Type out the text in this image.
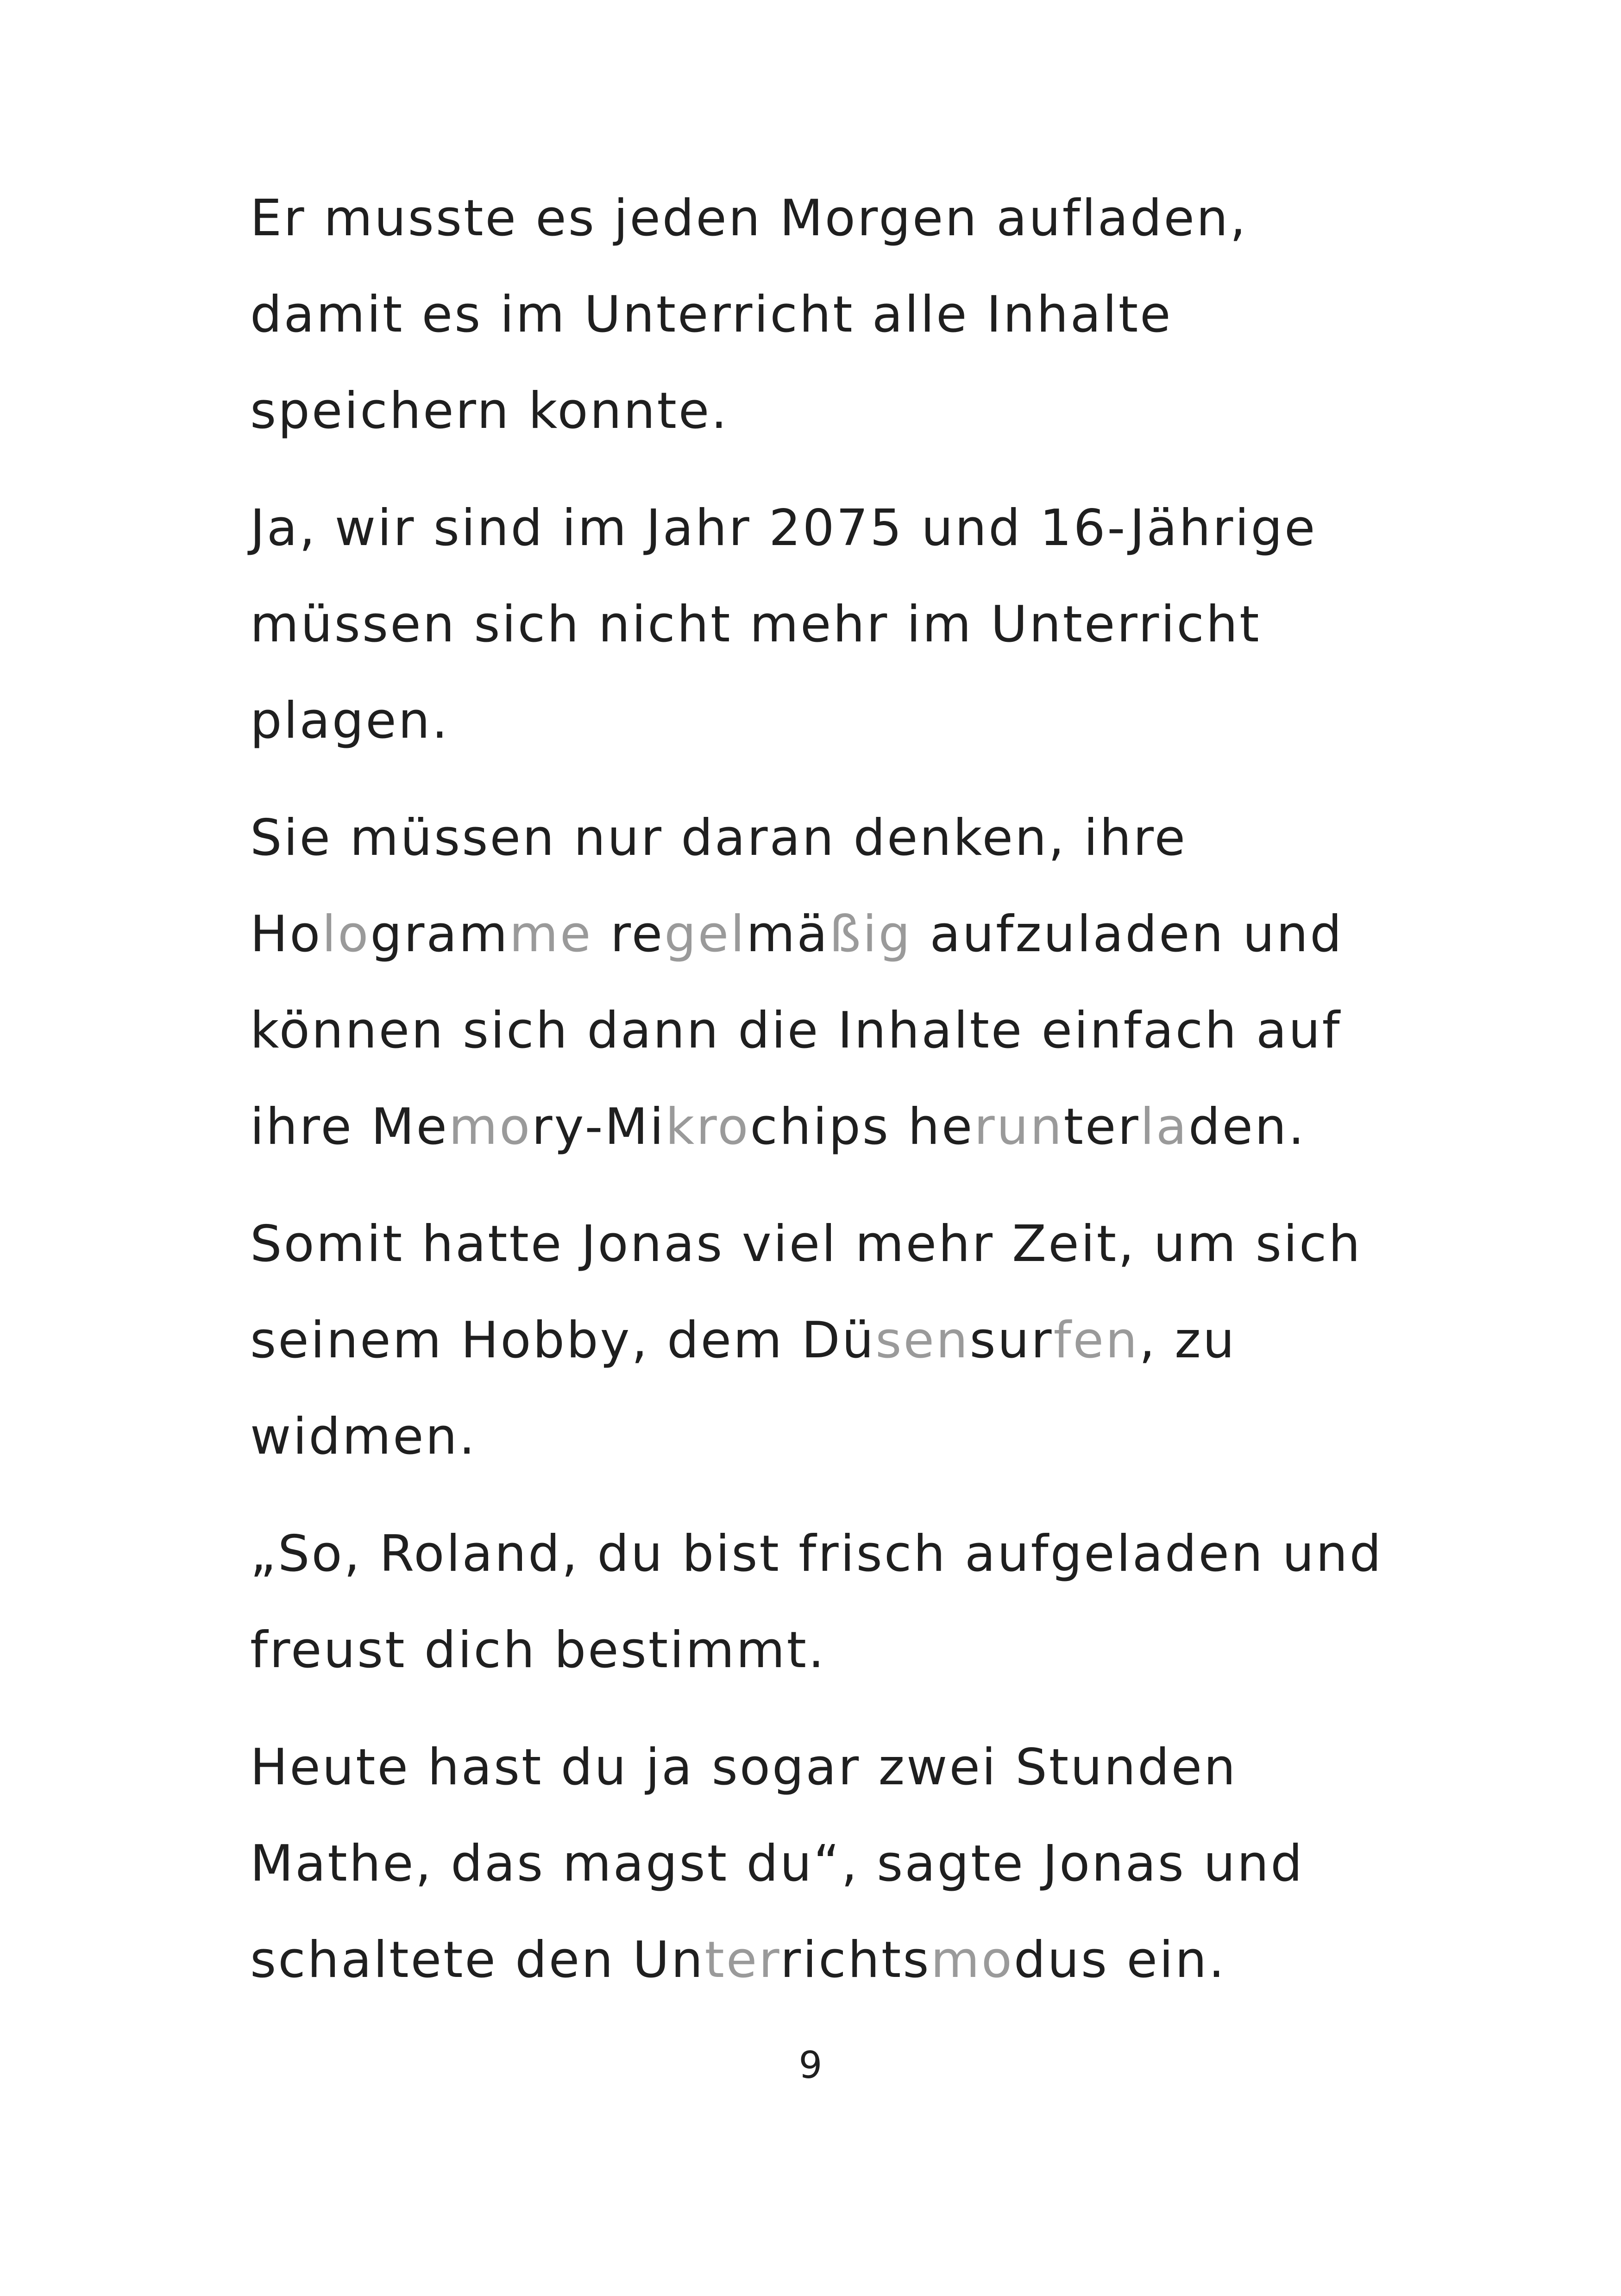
Er musste es jeden Morgen aufladen,
damit es im Unterricht alle Inhalte
speichern konnte.
Ja, wir sind im Jahr 2075 und 16-Jährige
müssen sich nicht mehr im Unterricht
plagen.
Sie müssen nur daran denken, ihre
Hologramme regelmäßig aufzuladen und
können sich dann die Inhalte einfach auf
ihre Memory-Mikrochips herunterladen.
Somit hatte Jonas viel mehr Zeit, um sich
seinem Hobby, dem Düsensurfen, zu
widmen.
„So, Roland, du bist frisch aufgeladen und
freust dich bestimmt.
Heute hast du ja sogar zwei Stunden
Mathe, das magst du“, sagte Jonas und
schaltete den Unterrichtsmodus ein.
9
